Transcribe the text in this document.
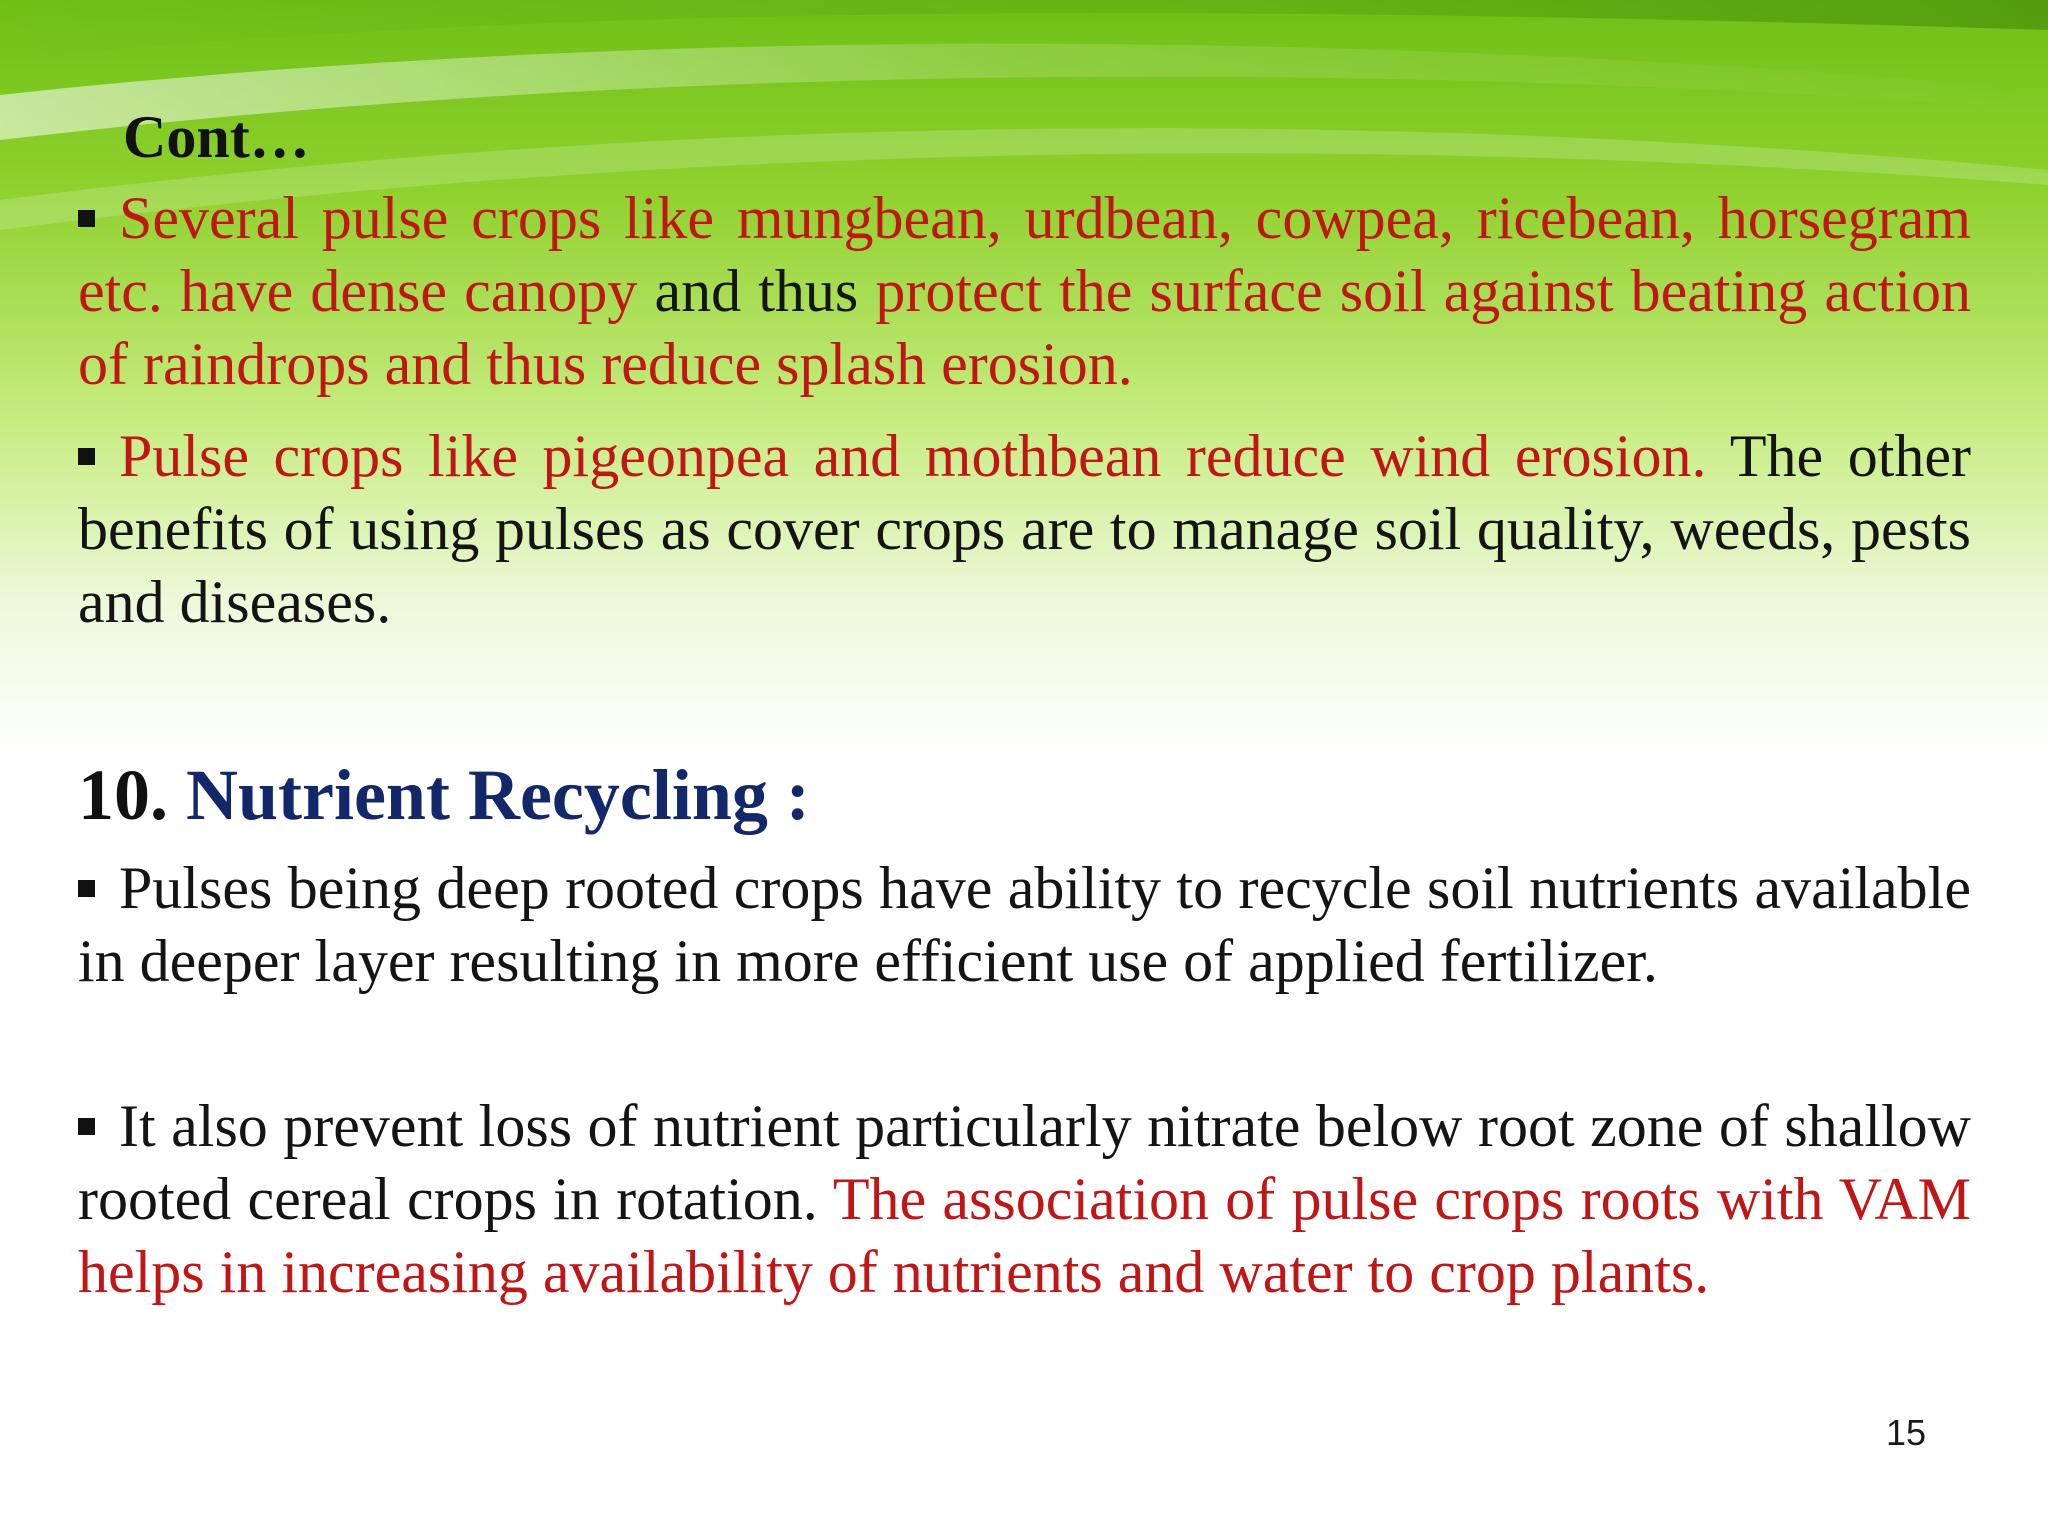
Cont…
Several pulse crops like mungbean, urdbean, cowpea, ricebean, horsegram etc. have dense canopy and thus protect the surface soil against beating action of raindrops and thus reduce splash erosion.
Pulse crops like pigeonpea and mothbean reduce wind erosion. The other benefits of using pulses as cover crops are to manage soil quality, weeds, pests and diseases.
10. Nutrient Recycling :
Pulses being deep rooted crops have ability to recycle soil nutrients available in deeper layer resulting in more efficient use of applied fertilizer.
It also prevent loss of nutrient particularly nitrate below root zone of shallow rooted cereal crops in rotation. The association of pulse crops roots with VAM helps in increasing availability of nutrients and water to crop plants.
15
